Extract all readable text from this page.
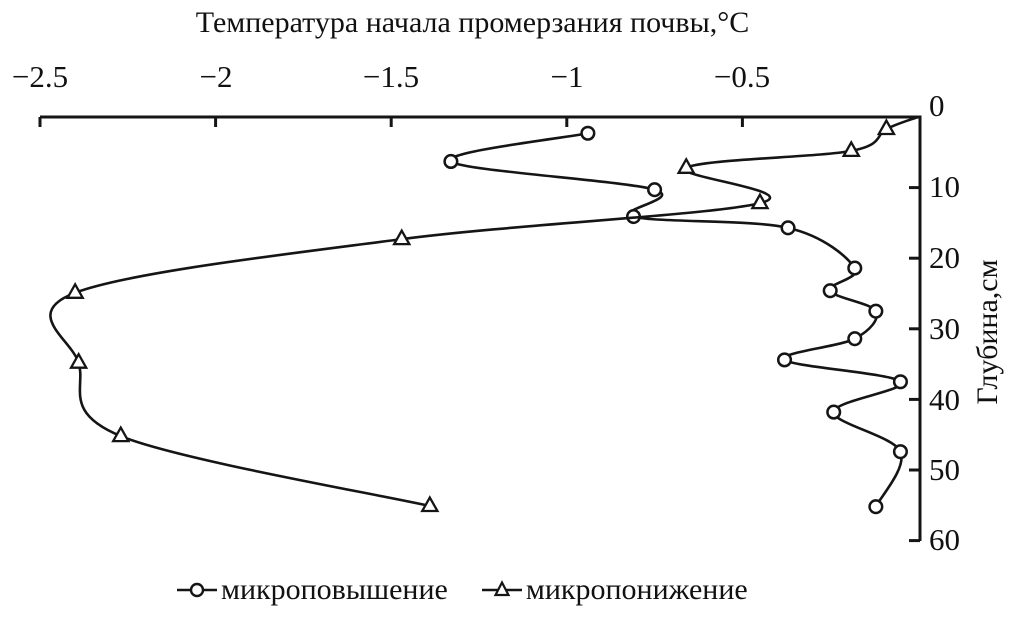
Температура начала промерзания почвы,°C
−2.5	−2	−1.5	−1	−0.5
0
10
20
30
40
50
60
Глубина,см
микроповышение	микропонижение
